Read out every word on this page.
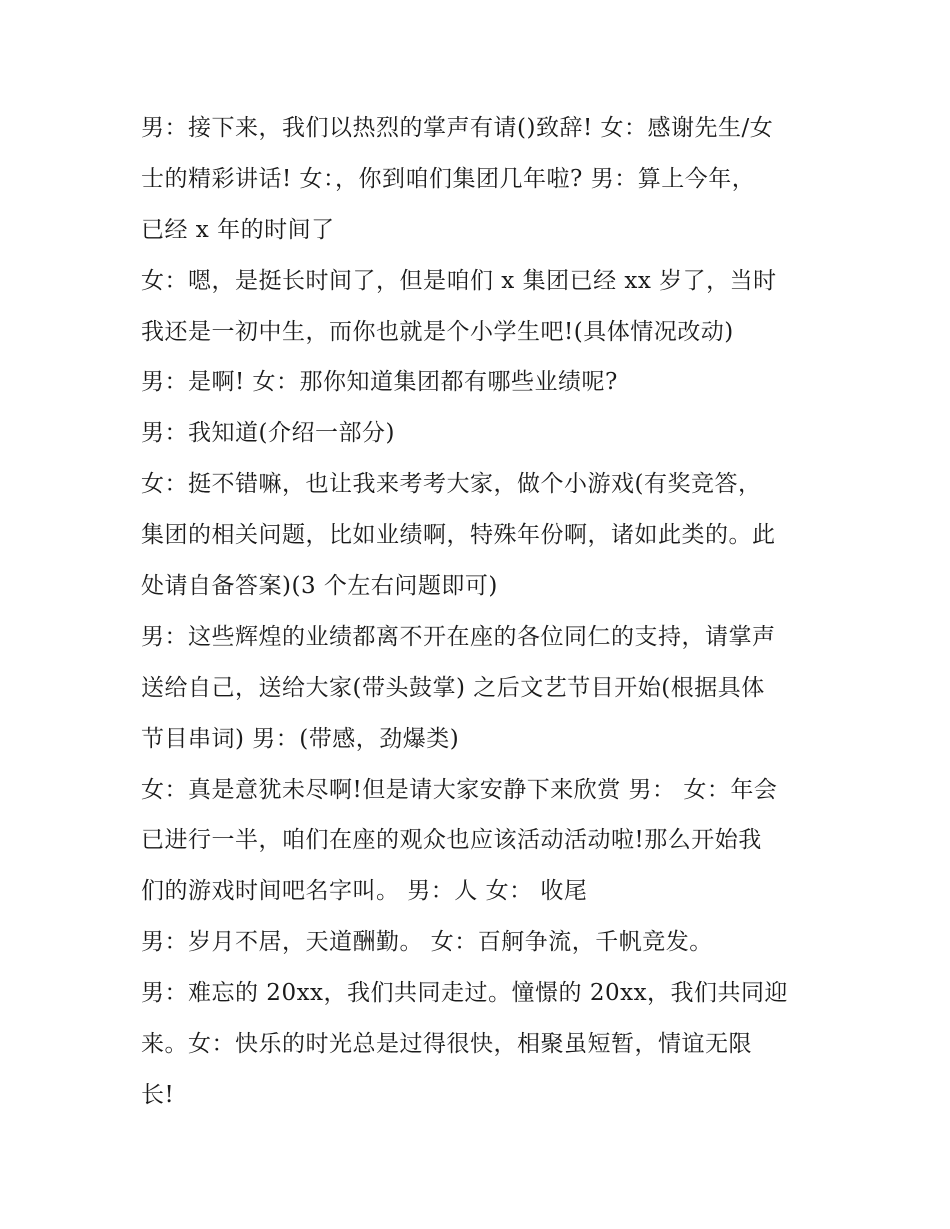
男：接下来，我们以热烈的掌声有请()致辞! 女：感谢先生/女
士的精彩讲话! 女：，你到咱们集团几年啦? 男：算上今年，
已经 x 年的时间了
女：嗯，是挺长时间了，但是咱们 x 集团已经 xx 岁了，当时
我还是一初中生，而你也就是个小学生吧!(具体情况改动)
男：是啊! 女：那你知道集团都有哪些业绩呢?
男：我知道(介绍一部分)
女：挺不错嘛，也让我来考考大家，做个小游戏(有奖竞答，
集团的相关问题，比如业绩啊，特殊年份啊，诸如此类的。此
处请自备答案)(3 个左右问题即可)
男：这些辉煌的业绩都离不开在座的各位同仁的支持，请掌声
送给自己，送给大家(带头鼓掌) 之后文艺节目开始(根据具体
节目串词) 男：(带感，劲爆类)
女：真是意犹未尽啊!但是请大家安静下来欣赏 男： 女：年会
已进行一半，咱们在座的观众也应该活动活动啦!那么开始我
们的游戏时间吧名字叫。 男：人 女： 收尾
男：岁月不居，天道酬勤。 女：百舸争流，千帆竞发。
男：难忘的 20xx，我们共同走过。憧憬的 20xx，我们共同迎
来。女：快乐的时光总是过得很快，相聚虽短暂，情谊无限
长!
